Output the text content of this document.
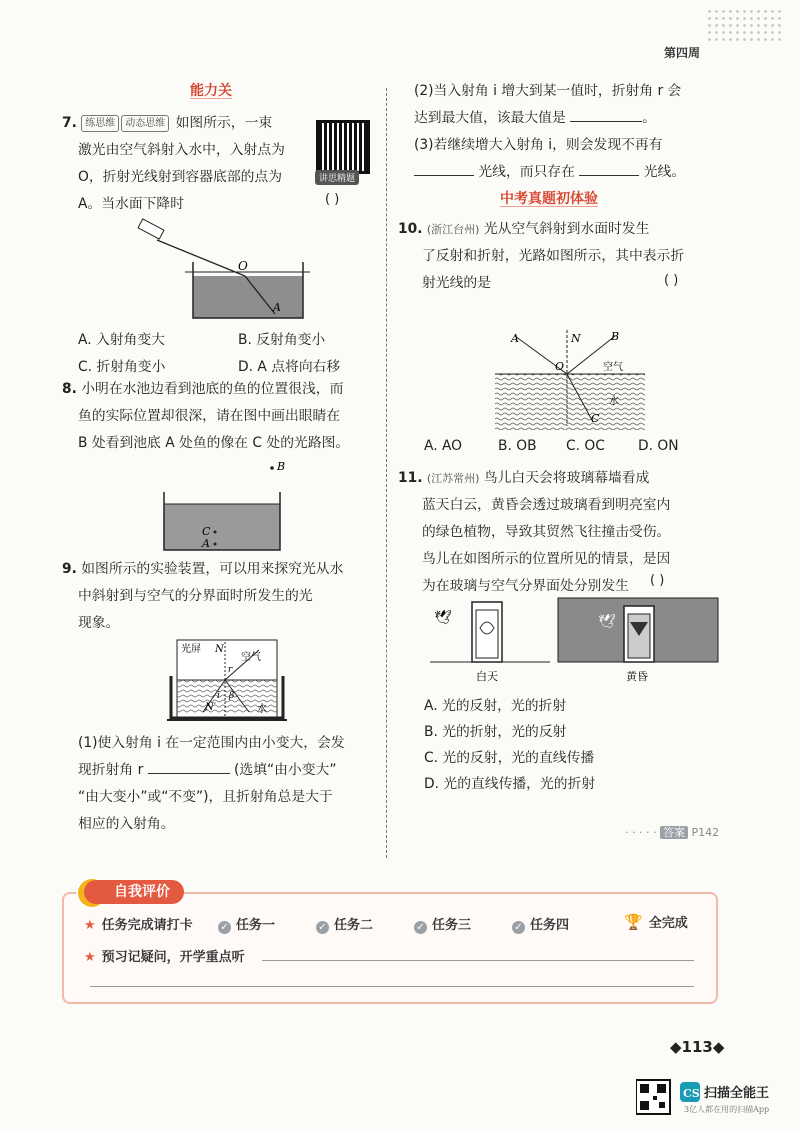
第四周
能力关
7. 练思维 动态思维 如图所示，一束
激光由空气斜射入水中，入射点为
O，折射光线射到容器底部的点为
A。当水面下降时
讲思精题
( )
O
A
A. 入射角变大	B. 反射角变小
C. 折射角变小	D. A 点将向右移
8. 小明在水池边看到池底的鱼的位置很浅，而
鱼的实际位置却很深，请在图中画出眼睛在
B 处看到池底 A 处鱼的像在 C 处的光路图。
B
C
A
9. 如图所示的实验装置，可以用来探究光从水
中斜射到与空气的分界面时所发生的光
现象。
光屏 N
空气
r
i β
N′	水
(1)使入射角 i 在一定范围内由小变大，会发
现折射角 r	(选填“由小变大”
“由大变小”或“不变”)，且折射角总是大于
相应的入射角。
(2)当入射角 i 增大到某一值时，折射角 r 会
达到最大值，该最大值是	。
(3)若继续增大入射角 i，则会发现不再有
光线，而只存在	光线。
中考真题初体验
10. (浙江台州) 光从空气斜射到水面时发生
了反射和折射，光路如图所示，其中表示折
射光线的是	( )
A	N	B
O	空气
水
C
A. AO	B. OB C. OC D. ON
11. (江苏常州) 鸟儿白天会将玻璃幕墙看成
蓝天白云，黄昏会透过玻璃看到明亮室内
的绿色植物，导致其贸然飞往撞击受伤。
鸟儿在如图所示的位置所见的情景，是因
为在玻璃与空气分界面处分别发生	( )
🕊
白天
🕊
黄昏
A. 光的反射，光的折射
B. 光的折射，光的反射
C. 光的反射，光的直线传播
D. 光的直线传播，光的折射
· · · · · 答案 P142
自我评价
★ 任务完成请打卡	✓ 任务一	✓ 任务二	✓ 任务三	✓ 任务四	🏆 全完成
★ 预习记疑问，开学重点听
◆113◆
CS 扫描全能王
3亿人都在用的扫描App
